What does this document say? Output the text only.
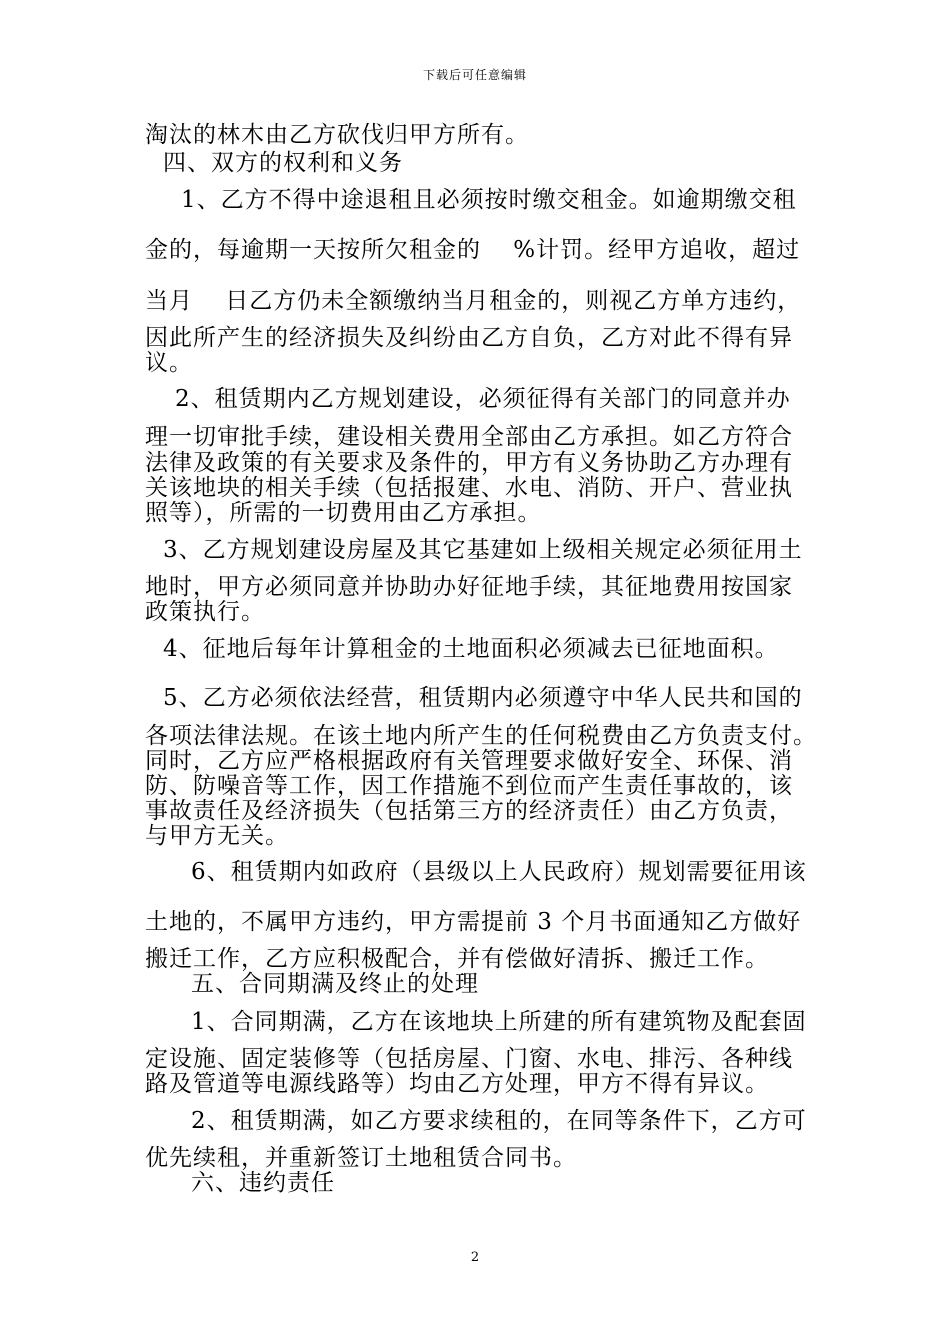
下载后可任意编辑
淘汰的林木由乙方砍伐归甲方所有。
四、双方的权利和义务
1、乙方不得中途退租且必须按时缴交租金。如逾期缴交租
金的，每逾期一天按所欠租金的　 %计罚。经甲方追收，超过
当月　 日乙方仍未全额缴纳当月租金的，则视乙方单方违约，
因此所产生的经济损失及纠纷由乙方自负，乙方对此不得有异
议。
2、租赁期内乙方规划建设，必须征得有关部门的同意并办
理一切审批手续，建设相关费用全部由乙方承担。如乙方符合
法律及政策的有关要求及条件的，甲方有义务协助乙方办理有
关该地块的相关手续（包括报建、水电、消防、开户、营业执
照等），所需的一切费用由乙方承担。
3、乙方规划建设房屋及其它基建如上级相关规定必须征用土
地时，甲方必须同意并协助办好征地手续，其征地费用按国家
政策执行。
4、征地后每年计算租金的土地面积必须减去已征地面积。
5、乙方必须依法经营，租赁期内必须遵守中华人民共和国的
各项法律法规。在该土地内所产生的任何税费由乙方负责支付。
同时，乙方应严格根据政府有关管理要求做好安全、环保、消
防、防噪音等工作，因工作措施不到位而产生责任事故的，该
事故责任及经济损失（包括第三方的经济责任）由乙方负责，
与甲方无关。
6、租赁期内如政府（县级以上人民政府）规划需要征用该
土地的，不属甲方违约，甲方需提前 3 个月书面通知乙方做好
搬迁工作，乙方应积极配合，并有偿做好清拆、搬迁工作。
五、合同期满及终止的处理
1、合同期满，乙方在该地块上所建的所有建筑物及配套固
定设施、固定装修等（包括房屋、门窗、水电、排污、各种线
路及管道等电源线路等）均由乙方处理，甲方不得有异议。
2、租赁期满，如乙方要求续租的，在同等条件下，乙方可
优先续租，并重新签订土地租赁合同书。
六、违约责任
2
